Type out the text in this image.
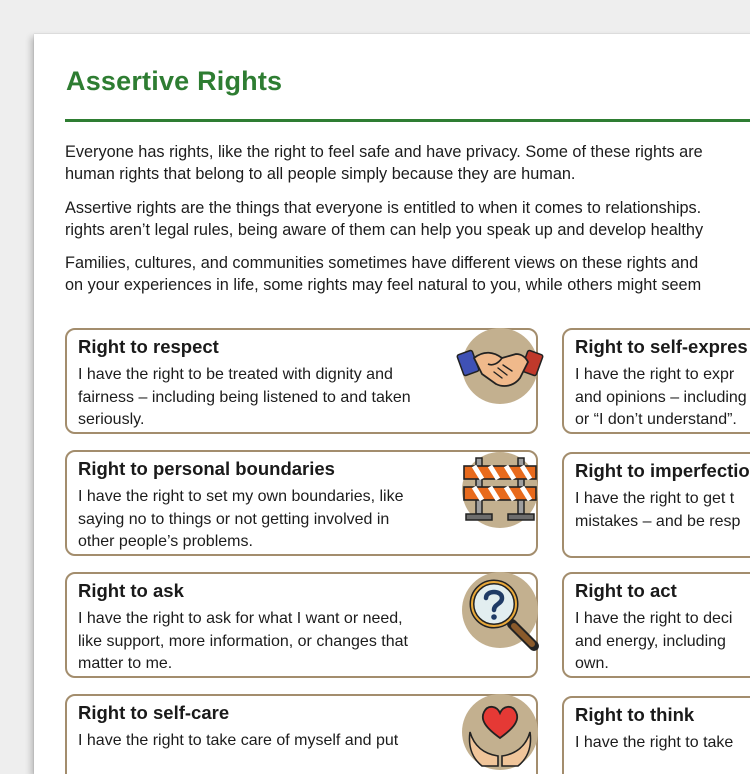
Assertive Rights

Everyone has rights, like the right to feel safe and have privacy. Some of these rights are
human rights that belong to all people simply because they are human.

Assertive rights are the things that everyone is entitled to when it comes to relationships.
rights aren’t legal rules, being aware of them can help you speak up and develop healthy

Families, cultures, and communities sometimes have different views on these rights and
on your experiences in life, some rights may feel natural to you, while others might seem

Right to respect

I have the right to be treated with dignity and
fairness – including being listened to and taken
seriously.

Right to personal boundaries

I have the right to set my own boundaries, like
saying no to things or not getting involved in
other people’s problems.

Right to ask

I have the right to ask for what I want or need,
like support, more information, or changes that
matter to me.

Right to self-care

I have the right to take care of myself and put

Right to self-expres

I have the right to expr
and opinions – including
or “I don’t understand”.

Right to imperfectio

I have the right to get t
mistakes – and be resp

Right to act

I have the right to deci
and energy, including
own.

Right to think

I have the right to take
